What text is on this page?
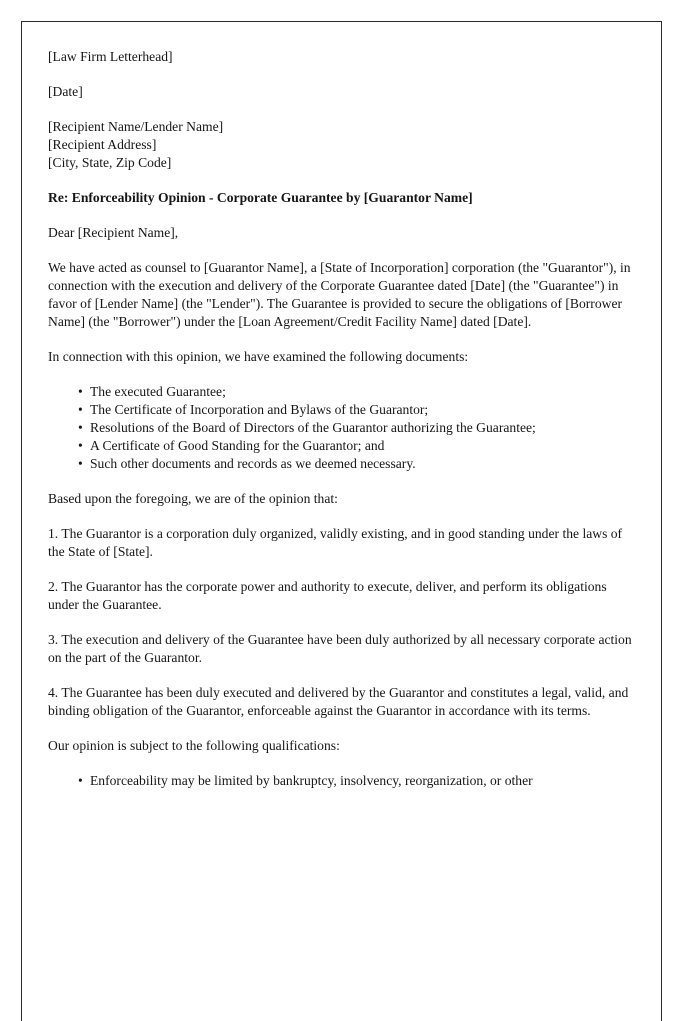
[Law Firm Letterhead]

[Date]

[Recipient Name/Lender Name]

[Recipient Address]

[City, State, Zip Code]

Re: Enforceability Opinion - Corporate Guarantee by [Guarantor Name]

Dear [Recipient Name],

We have acted as counsel to [Guarantor Name], a [State of Incorporation] corporation (the "Guarantor"), in connection with the execution and delivery of the Corporate Guarantee dated [Date] (the "Guarantee") in favor of [Lender Name] (the "Lender"). The Guarantee is provided to secure the obligations of [Borrower Name] (the "Borrower") under the [Loan Agreement/Credit Facility Name] dated [Date].

In connection with this opinion, we have examined the following documents:

• The executed Guarantee;
• The Certificate of Incorporation and Bylaws of the Guarantor;
• Resolutions of the Board of Directors of the Guarantor authorizing the Guarantee;
• A Certificate of Good Standing for the Guarantor; and
• Such other documents and records as we deemed necessary.

Based upon the foregoing, we are of the opinion that:

1. The Guarantor is a corporation duly organized, validly existing, and in good standing under the laws of the State of [State].

2. The Guarantor has the corporate power and authority to execute, deliver, and perform its obligations under the Guarantee.

3. The execution and delivery of the Guarantee have been duly authorized by all necessary corporate action on the part of the Guarantor.

4. The Guarantee has been duly executed and delivered by the Guarantor and constitutes a legal, valid, and binding obligation of the Guarantor, enforceable against the Guarantor in accordance with its terms.

Our opinion is subject to the following qualifications:

• Enforceability may be limited by bankruptcy, insolvency, reorganization, or other
